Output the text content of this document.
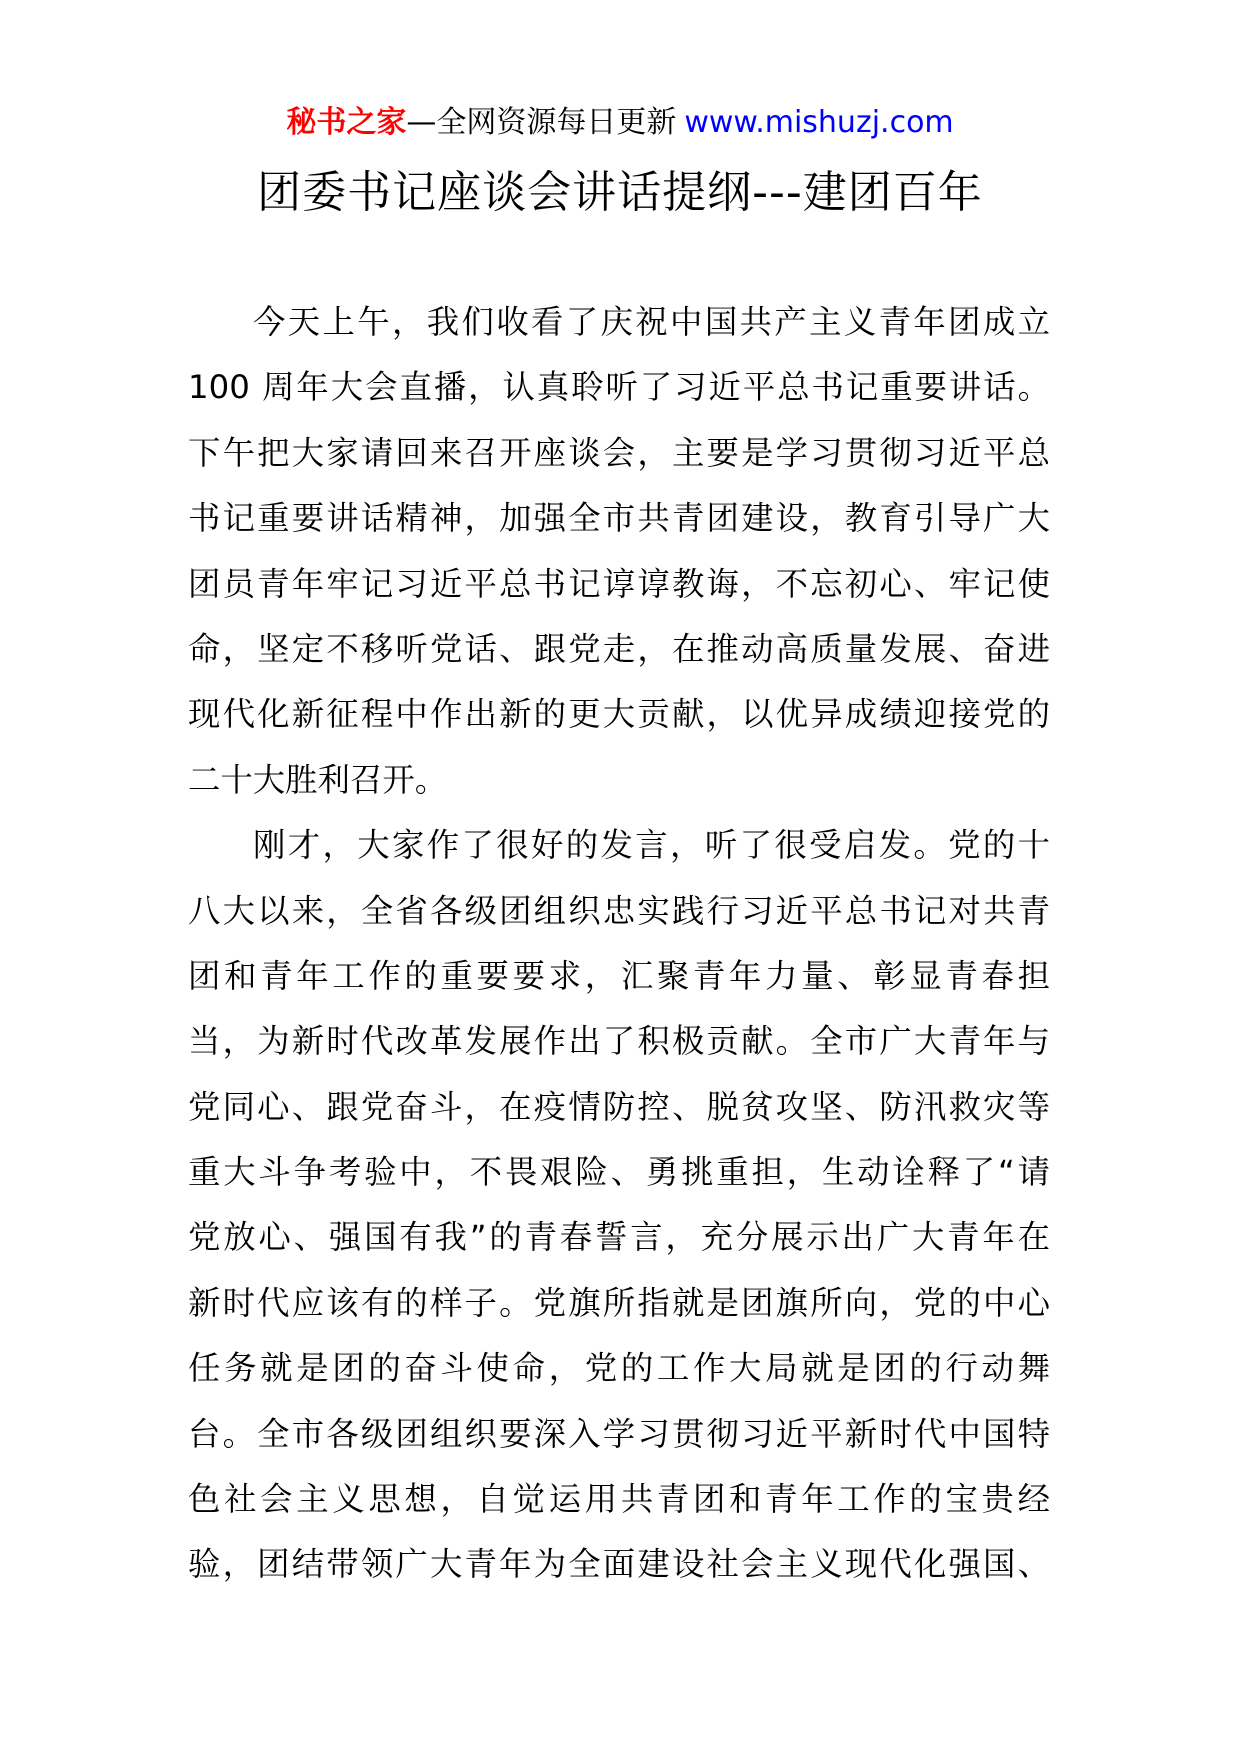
秘书之家—全网资源每日更新 www.mishuzj.com
团委书记座谈会讲话提纲---建团百年
今天上午，我们收看了庆祝中国共产主义青年团成立
100 周年大会直播，认真聆听了习近平总书记重要讲话。
下午把大家请回来召开座谈会，主要是学习贯彻习近平总
书记重要讲话精神，加强全市共青团建设，教育引导广大
团员青年牢记习近平总书记谆谆教诲，不忘初心、牢记使
命，坚定不移听党话、跟党走，在推动高质量发展、奋进
现代化新征程中作出新的更大贡献，以优异成绩迎接党的
二十大胜利召开。
刚才，大家作了很好的发言，听了很受启发。党的十
八大以来，全省各级团组织忠实践行习近平总书记对共青
团和青年工作的重要要求，汇聚青年力量、彰显青春担
当，为新时代改革发展作出了积极贡献。全市广大青年与
党同心、跟党奋斗，在疫情防控、脱贫攻坚、防汛救灾等
重大斗争考验中，不畏艰险、勇挑重担，生动诠释了“请
党放心、强国有我”的青春誓言，充分展示出广大青年在
新时代应该有的样子。党旗所指就是团旗所向，党的中心
任务就是团的奋斗使命，党的工作大局就是团的行动舞
台。全市各级团组织要深入学习贯彻习近平新时代中国特
色社会主义思想，自觉运用共青团和青年工作的宝贵经
验，团结带领广大青年为全面建设社会主义现代化强国、
